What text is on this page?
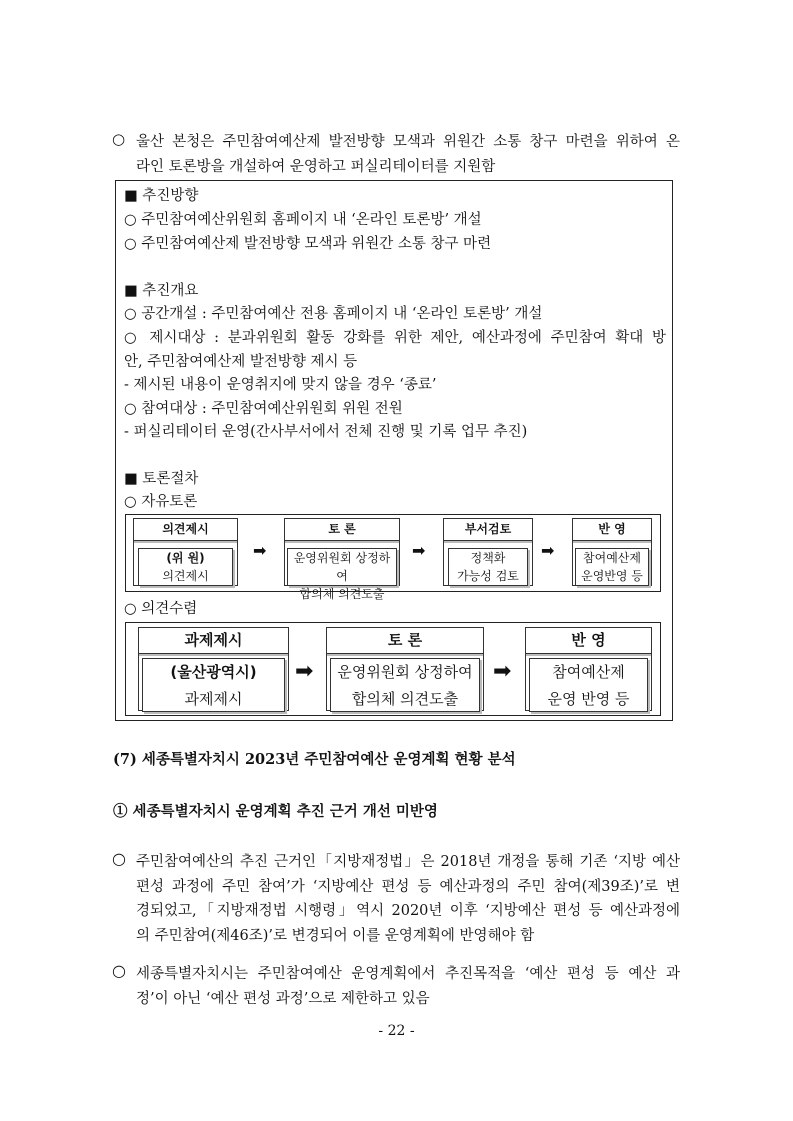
○ 울산 본청은 주민참여예산제 발전방향 모색과 위원간 소통 창구 마련을 위하여 온
라인 토론방을 개설하여 운영하고 퍼실리테이터를 지원함
■ 추진방향
○ 주민참여예산위원회 홈페이지 내 ‘온라인 토론방’ 개설
○ 주민참여예산제 발전방향 모색과 위원간 소통 창구 마련
■ 추진개요
○ 공간개설 : 주민참여예산 전용 홈페이지 내 ‘온라인 토론방’ 개설
○ 제시대상 : 분과위원회 활동 강화를 위한 제안, 예산과정에 주민참여 확대 방
안, 주민참여예산제 발전방향 제시 등
- 제시된 내용이 운영취지에 맞지 않을 경우 ‘종료’
○ 참여대상 : 주민참여예산위원회 위원 전원
- 퍼실리테이터 운영(간사부서에서 전체 진행 및 기록 업무 추진)
■ 토론절차
○ 자유토론
의견제시
(위 원)
의견제시
➡
토 론
운영위원회 상정하여
합의체 의견도출
➡
부서검토
정책화
가능성 검토
➡
반 영
참여예산제
운영반영 등
○ 의견수렴
과제제시
(울산광역시)
과제제시
➡
토 론
운영위원회 상정하여
합의체 의견도출
➡
반 영
참여예산제
운영 반영 등
(7) 세종특별자치시 2023년 주민참여예산 운영계획 현황 분석
① 세종특별자치시 운영계획 추진 근거 개선 미반영
○ 주민참여예산의 추진 근거인「지방재정법」은 2018년 개정을 통해 기존 ‘지방 예산
편성 과정에 주민 참여’가 ‘지방예산 편성 등 예산과정의 주민 참여(제39조)’로 변
경되었고,「지방재정법 시행령」역시 2020년 이후 ‘지방예산 편성 등 예산과정에
의 주민참여(제46조)’로 변경되어 이를 운영계획에 반영해야 함
○ 세종특별자치시는 주민참여예산 운영계획에서 추진목적을 ‘예산 편성 등 예산 과
정’이 아닌 ‘예산 편성 과정’으로 제한하고 있음
- 22 -
